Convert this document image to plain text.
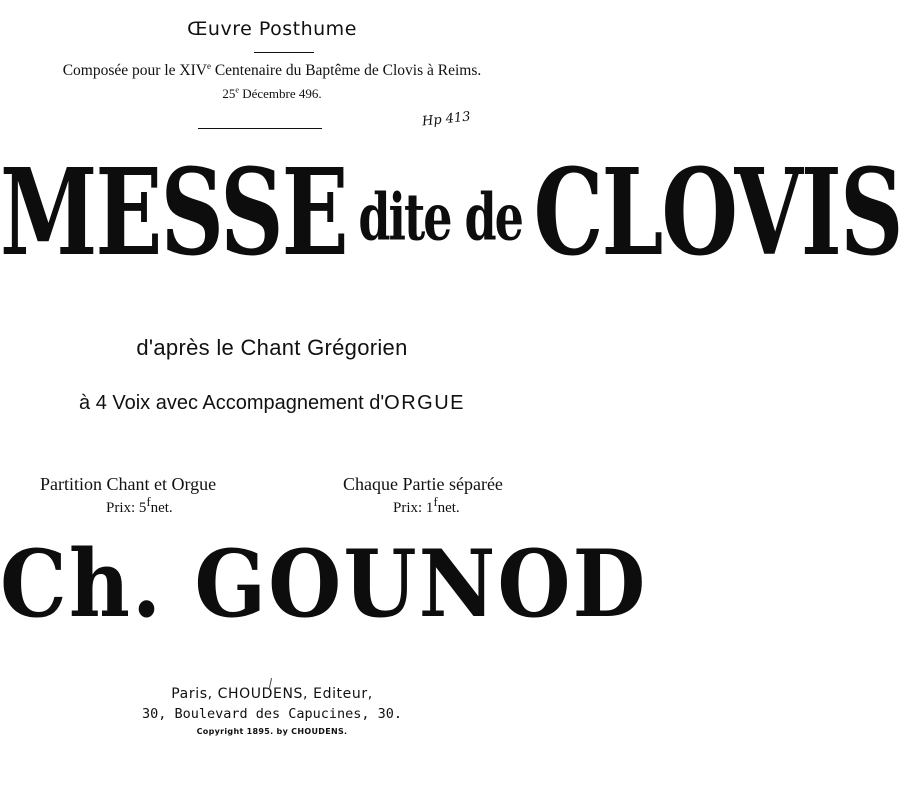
Œuvre Posthume
Composée pour le XIVe Centenaire du Baptême de Clovis à Reims.
25e Décembre 496.
Hp 413
MESSE dite de CLOVIS
d'après le Chant Grégorien
à 4 Voix avec Accompagnement d'ORGUE
Partition Chant et Orgue
Prix: 5$^f$net.
Chaque Partie séparée
Prix: 1$^f$net.
Ch. GOUNOD
Paris, CHOUDENS, Editeur,
30, Boulevard des Capucines, 30.
Copyright 1895. by CHOUDENS.
